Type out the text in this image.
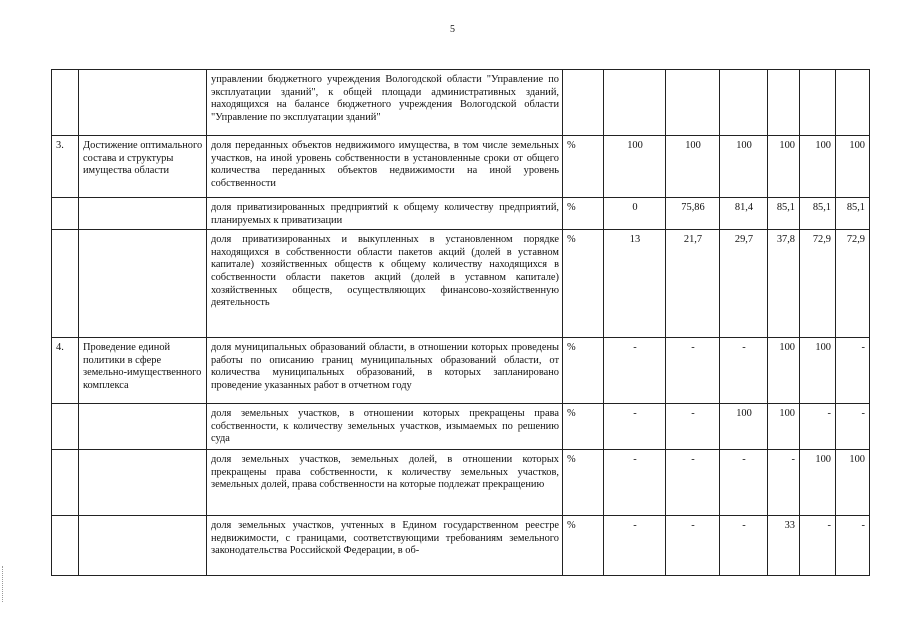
5
		управлении бюджетного учреждения Вологодской области "Управление по эксплуатации зданий", к общей площади административных зданий, находящихся на балансе бюджетного учреждения Вологодской области "Управление по эксплуатации зданий"							
3.	Достижение оптимального состава и структуры имущества области	доля переданных объектов недвижимого имущества, в том числе земельных участков, на иной уровень собственности в установленные сроки от общего количества переданных объектов недвижимости на иной уровень собственности	%	100	100	100	100	100	100
		доля приватизированных предприятий к общему количеству предприятий, планируемых к приватизации	%	0	75,86	81,4	85,1	85,1	85,1
		доля приватизированных и выкупленных в установленном порядке находящихся в собственности области пакетов акций (долей в уставном капитале) хозяйственных обществ к общему количеству находящихся в собственности области пакетов акций (долей в уставном капитале) хозяйственных обществ, осуществляющих финансово-хозяйственную деятельность	%	13	21,7	29,7	37,8	72,9	72,9
4.	Проведение единой политики в сфере земельно-имущественного комплекса	доля муниципальных образований области, в отношении которых проведены работы по описанию границ муниципальных образований области, от количества муниципальных образований, в которых запланировано проведение указанных работ в отчетном году	%	-	-	-	100	100	-
		доля земельных участков, в отношении которых прекращены права собственности, к количеству земельных участков, изымаемых по решению суда	%	-	-	100	100	-	-
		доля земельных участков, земельных долей, в отношении которых прекращены права собственности, к количеству земельных участков, земельных долей, права собственности на которые подлежат прекращению	%	-	-	-	-	100	100
		доля земельных участков, учтенных в Едином государственном реестре недвижимости, с границами, соответствующими требованиям земельного законодательства Российской Федерации, в об-	%	-	-	-	33	-	-
